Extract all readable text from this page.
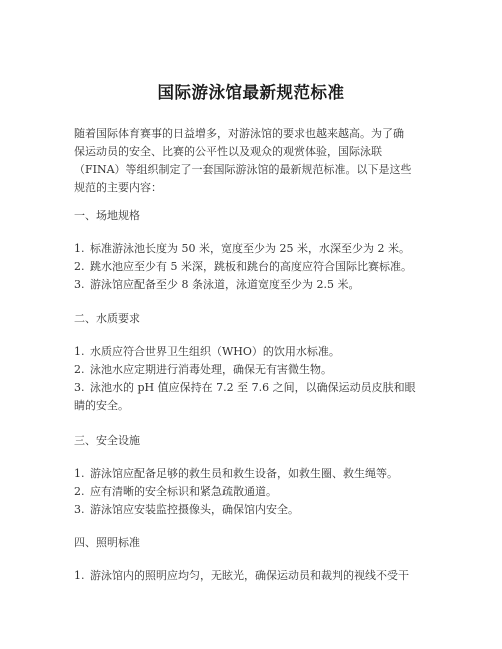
国际游泳馆最新规范标准

随着国际体育赛事的日益增多，对游泳馆的要求也越来越高。为了确
保运动员的安全、比赛的公平性以及观众的观赏体验，国际泳联
（FINA）等组织制定了一套国际游泳馆的最新规范标准。以下是这些
规范的主要内容：

一、场地规格
1. 标准游泳池长度为 50 米，宽度至少为 25 米，水深至少为 2 米。
2. 跳水池应至少有 5 米深，跳板和跳台的高度应符合国际比赛标准。
3. 游泳馆应配备至少 8 条泳道，泳道宽度至少为 2.5 米。
二、水质要求
1. 水质应符合世界卫生组织（WHO）的饮用水标准。
2. 泳池水应定期进行消毒处理，确保无有害微生物。
3. 泳池水的 pH 值应保持在 7.2 至 7.6 之间，以确保运动员皮肤和眼
睛的安全。
三、安全设施
1. 游泳馆应配备足够的救生员和救生设备，如救生圈、救生绳等。
2. 应有清晰的安全标识和紧急疏散通道。
3. 游泳馆应安装监控摄像头，确保馆内安全。
四、照明标准
1. 游泳馆内的照明应均匀，无眩光，确保运动员和裁判的视线不受干
